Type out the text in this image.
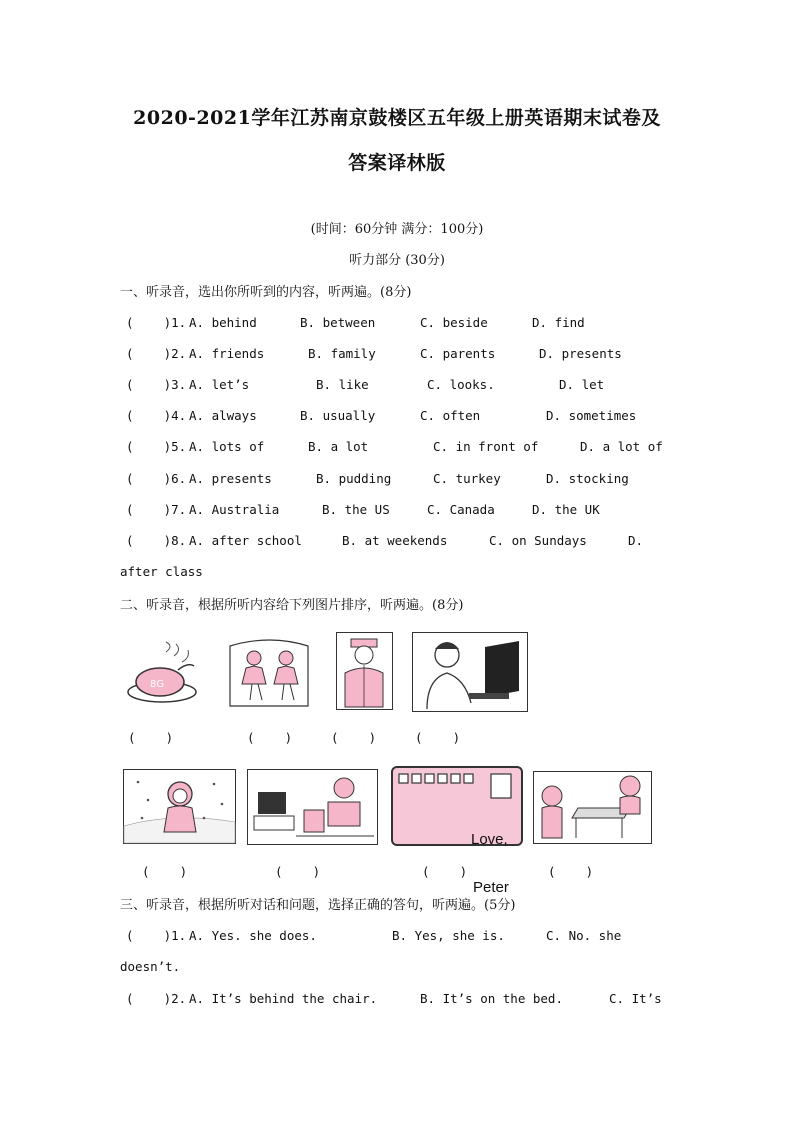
2020-2021学年江苏南京鼓楼区五年级上册英语期末试卷及
答案译林版
(时间：60分钟 满分：100分)
听力部分 (30分)
一、听录音，选出你所听到的内容，听两遍。(8分)
(    )1. A. behind	B. between	C. beside	D. find
(    )2. A. friends	B. family	C. parents	D. presents
(    )3. A. let’s	B. like	C. looks.	D. let
(    )4. A. always	B. usually	C. often	D. sometimes
(    )5. A. lots of	B. a lot	C. in front of	D. a lot of
(    )6. A. presents	B. pudding	C. turkey	D. stocking
(    )7. A. Australia	B. the US	C. Canada	D. the UK
(    )8. A. after school	B. at weekends	C. on Sundays	D.
after class
二、听录音，根据所听内容给下列图片排序，听两遍。(8分)
8G
(    )	(    )	(    )	(    )

Love,

Peter

(    )	(    )	(    )	(    )
三、听录音，根据所听对话和问题，选择正确的答句，听两遍。(5分)
(    )1. A. Yes. she does.	B. Yes, she is.	C. No. she
doesn’t.
(    )2. A. It’s behind the chair.	B. It’s on the bed.	C. It’s
